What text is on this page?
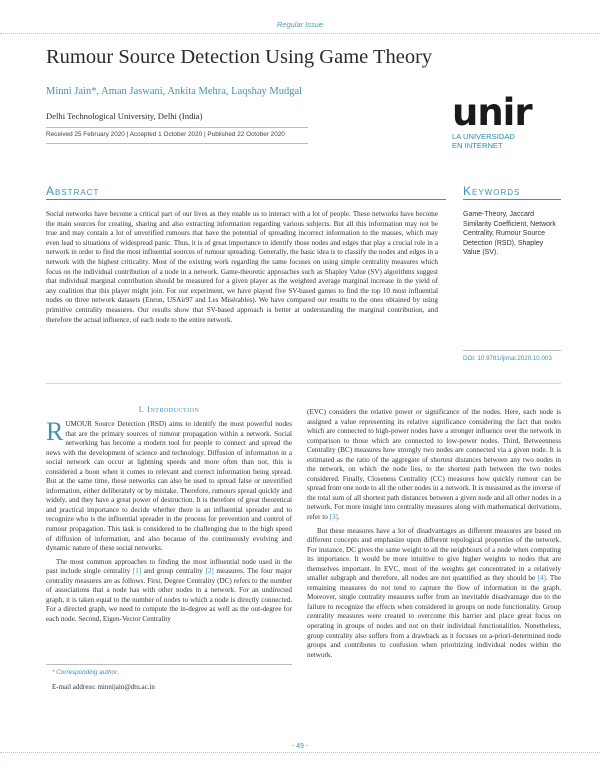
Regular Issue
Rumour Source Detection Using Game Theory
Minni Jain*, Aman Jaswani, Ankita Mehra, Laqshay Mudgal
Delhi Technological University, Delhi (India)
Received 25 February 2020 | Accepted 1 October 2020 | Published 22 October 2020
unir
LA UNIVERSIDAD
EN INTERNET
Abstract
Social networks have become a critical part of our lives as they enable us to interact with a lot of people. These networks have become the main sources for creating, sharing and also extracting information regarding various subjects. But all this information may not be true and may contain a lot of unverified rumours that have the potential of spreading incorrect information to the masses, which may even lead to situations of widespread panic. Thus, it is of great importance to identify those nodes and edges that play a crucial role in a network in order to find the most influential sources of rumour spreading. Generally, the basic idea is to classify the nodes and edges in a network with the highest criticality. Most of the existing work regarding the same focuses on using simple centrality measures which focus on the individual contribution of a node in a network. Game-theoretic approaches such as Shapley Value (SV) algorithms suggest that individual marginal contribution should be measured for a given player as the weighted average marginal increase in the yield of any coalition that this player might join. For our experiment, we have played five SV-based games to find the top 10 most influential nodes on three network datasets (Enron, USAir97 and Les Misérables). We have compared our results to the ones obtained by using primitive centrality measures. Our results show that SV-based approach is better at understanding the marginal contribution, and therefore the actual influence, of each node to the entire network.
Keywords
Game-Theory, Jaccard Similarity Coefficient, Network Centrality, Rumour Source Detection (RSD), Shapley Value (SV).
DOI: 10.9781/ijimai.2020.10.003
I. Introduction

RUMOUR Source Detection (RSD) aims to identify the most powerful nodes that are the primary sources of rumour propagation within a network. Social networking has become a modern tool for people to connect and spread the news with the development of science and technology. Diffusion of information in a social network can occur at lightning speeds and more often than not, this is considered a boon when it comes to relevant and correct information being spread. But at the same time, these networks can also be used to spread false or unverified information, either deliberately or by mistake. Therefore, rumours spread quickly and widely, and they have a great power of destruction. It is therefore of great theoretical and practical importance to decide whether there is an influential spreader and to recognize who is the influential spreader in the process for prevention and control of rumour propagation. This task is considered to be challenging due to the high speed of diffusion of information, and also because of the continuously evolving and dynamic nature of these social networks.

The most common approaches to finding the most influential node used in the past include single centrality [1] and group centrality [2] measures. The four major centrality measures are as follows. First, Degree Centrality (DC) refers to the number of associations that a node has with other nodes in a network. For an undirected graph, it is taken equal to the number of nodes to which a node is directly connected. For a directed graph, we need to compute the in-degree as well as the out-degree for each node. Second, Eigen-Vector Centrality

(EVC) considers the relative power or significance of the nodes. Here, each node is assigned a value representing its relative significance considering the fact that nodes which are connected to high-power nodes have a stronger influence over the network in comparison to those which are connected to low-power nodes. Third, Betweenness Centrality (BC) measures how strongly two nodes are connected via a given node. It is estimated as the ratio of the aggregate of shortest distances between any two nodes in the network, on which the node lies, to the shortest path between the two nodes considered. Finally, Closeness Centrality (CC) measures how quickly rumour can be spread from one node to all the other nodes in a network. It is measured as the inverse of the total sum of all shortest path distances between a given node and all other nodes in a network. For more insight into centrality measures along with mathematical derivations, refer to [3].

But these measures have a lot of disadvantages as different measures are based on different concepts and emphasize upon different topological properties of the network. For instance, DC gives the same weight to all the neighbours of a node when computing its importance. It would be more intuitive to give higher weights to nodes that are themselves important. In EVC, most of the weights get concentrated in a relatively smaller subgraph and therefore, all nodes are not quantified as they should be [4]. The remaining measures do not tend to capture the flow of information in the graph. Moreover, single centrality measures suffer from an inevitable disadvantage due to the failure to recognize the effects when considered in groups on node functionality. Group centrality measures were created to overcome this barrier and place great focus on operating in groups of nodes and not on their individual functionalities. Nonetheless, group centrality also suffers from a drawback as it focuses on a-priori-determined node groups and contributes to confusion when prioritizing individual nodes within the network.

* Corresponding author.
E-mail address: minnijain@dtu.ac.in
- 49 -
